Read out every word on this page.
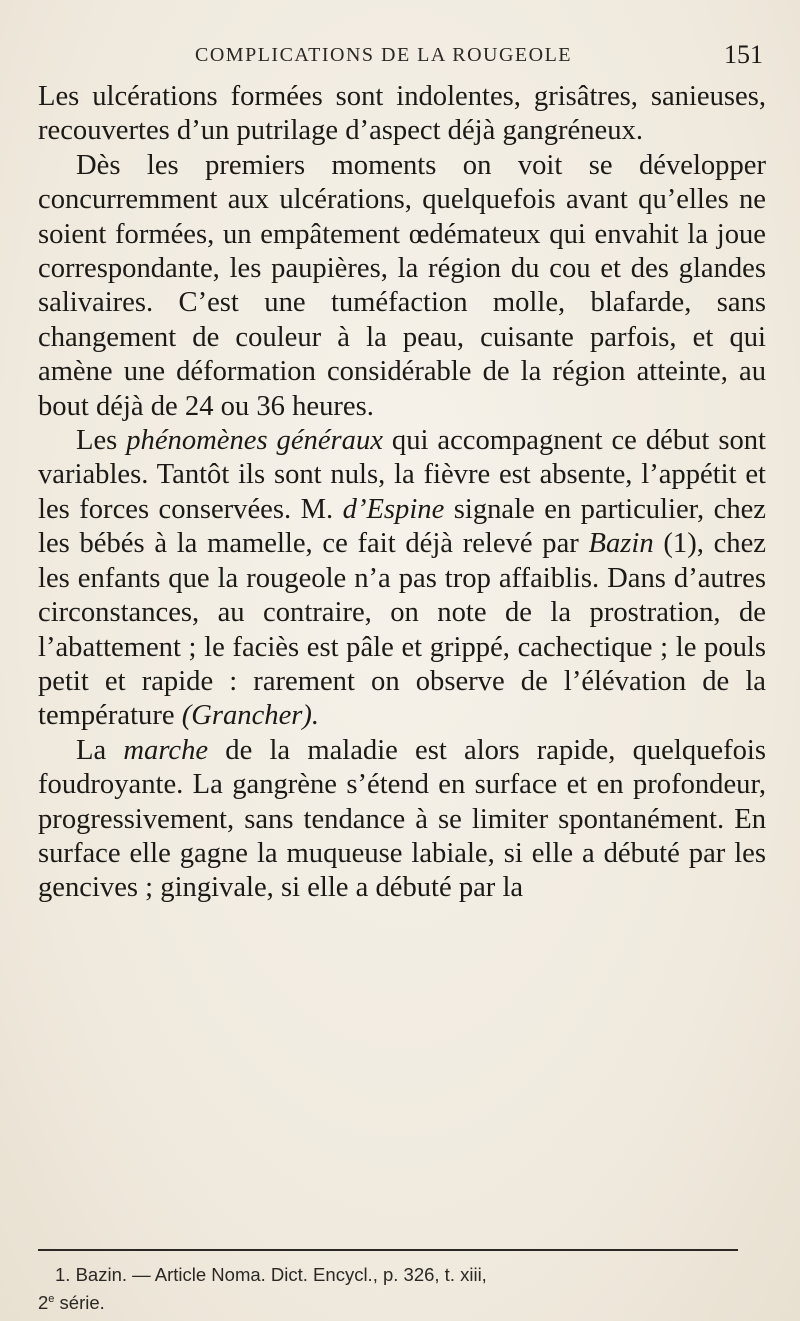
COMPLICATIONS DE LA ROUGEOLE	151

Les ulcérations formées sont indolentes, grisâtres, sanieuses, recouvertes d’un putrilage d’aspect déjà gangréneux.

Dès les premiers moments on voit se développer concurremment aux ulcérations, quelquefois avant qu’elles ne soient formées, un empâtement œdémateux qui envahit la joue correspondante, les paupières, la région du cou et des glandes salivaires. C’est une tuméfaction molle, blafarde, sans changement de couleur à la peau, cuisante parfois, et qui amène une déformation considérable de la région atteinte, au bout déjà de 24 ou 36 heures.

Les phénomènes généraux qui accompagnent ce début sont variables. Tantôt ils sont nuls, la fièvre est absente, l’appétit et les forces conservées. M. d’Espine signale en particulier, chez les bébés à la mamelle, ce fait déjà relevé par Bazin (1), chez les enfants que la rougeole n’a pas trop affaiblis. Dans d’autres circonstances, au contraire, on note de la prostration, de l’abattement ; le faciès est pâle et grippé, cachectique ; le pouls petit et rapide : rarement on observe de l’élévation de la température (Grancher).

La marche de la maladie est alors rapide, quelquefois foudroyante. La gangrène s’étend en surface et en profondeur, progressivement, sans tendance à se limiter spontanément. En surface elle gagne la muqueuse labiale, si elle a débuté par les gencives ; gingivale, si elle a débuté par la

1. Bazin. — Article Noma. Dict. Encycl., p. 326, t. xiii,
2e série.
